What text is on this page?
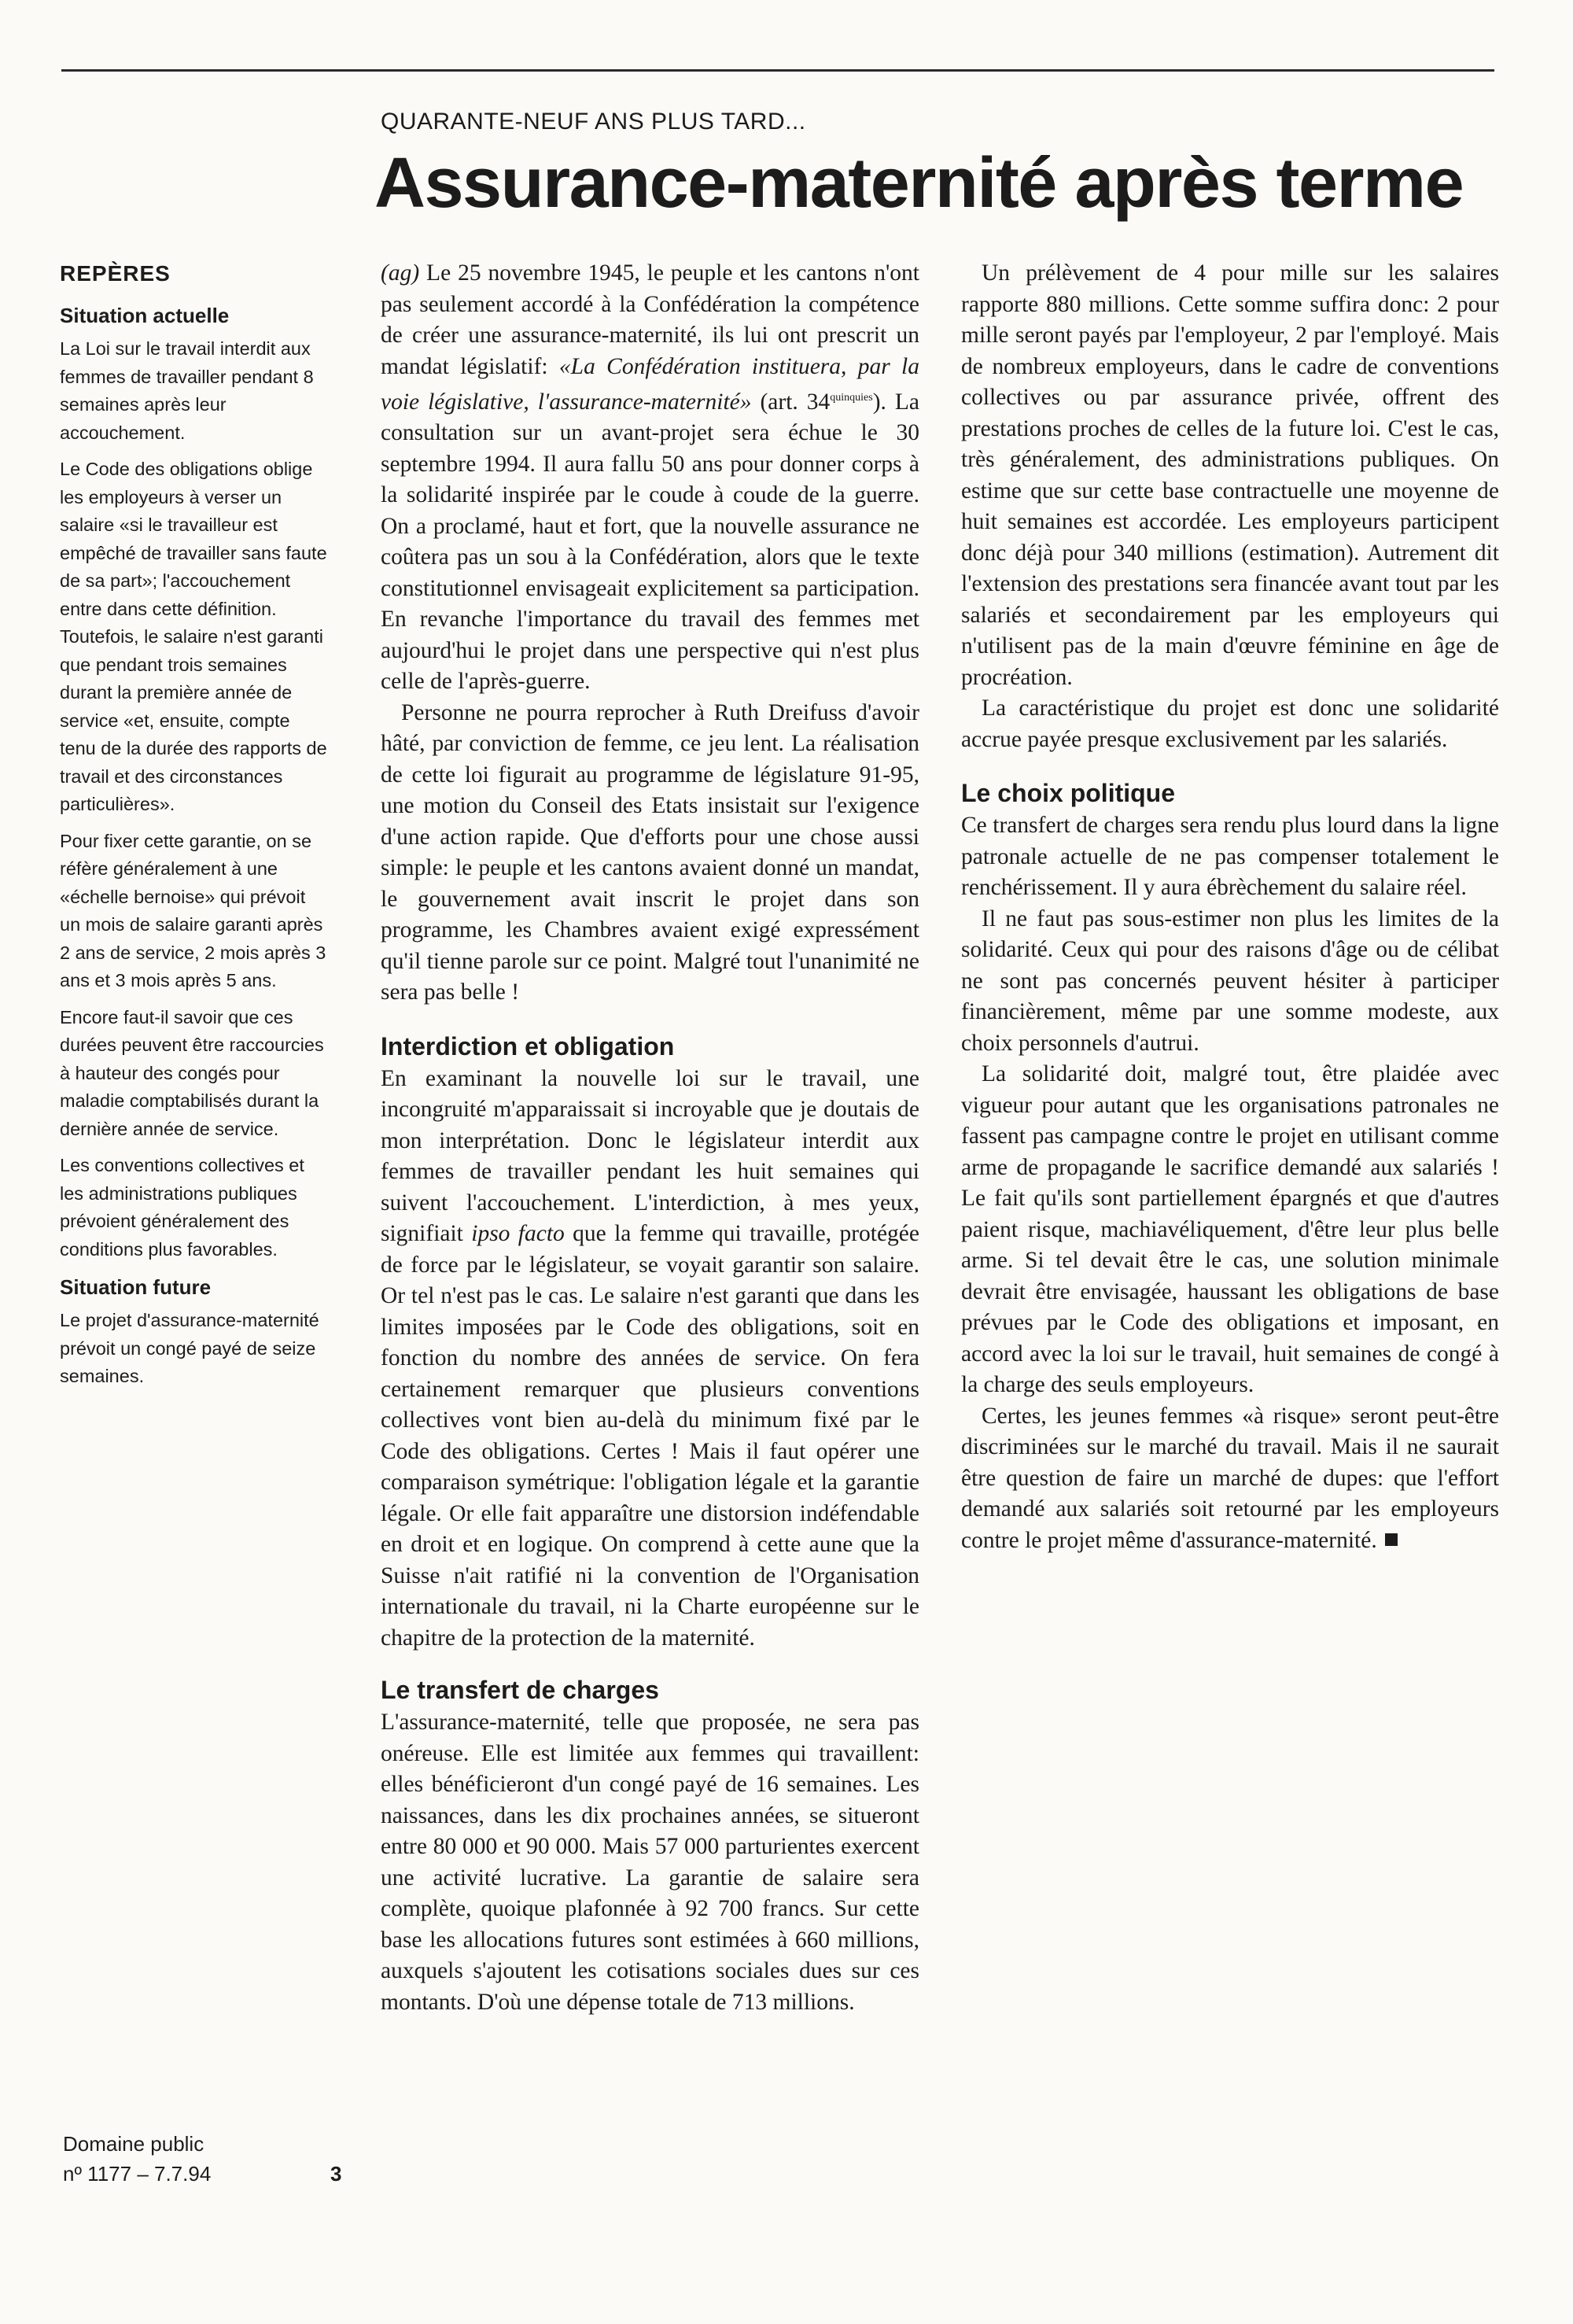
QUARANTE-NEUF ANS PLUS TARD...
Assurance-maternité après terme
REPÈRES
Situation actuelle

La Loi sur le travail interdit aux femmes de travailler pendant 8 semaines après leur accouchement.

Le Code des obligations oblige les employeurs à verser un salaire «si le travailleur est empêché de travailler sans faute de sa part»; l'accouchement entre dans cette définition. Toutefois, le salaire n'est garanti que pendant trois semaines durant la première année de service «et, ensuite, compte tenu de la durée des rapports de travail et des circonstances particulières».

Pour fixer cette garantie, on se réfère généralement à une «échelle bernoise» qui prévoit un mois de salaire garanti après 2 ans de service, 2 mois après 3 ans et 3 mois après 5 ans.

Encore faut-il savoir que ces durées peuvent être raccourcies à hauteur des congés pour maladie comptabilisés durant la dernière année de service.

Les conventions collectives et les administrations publiques prévoient généralement des conditions plus favorables.

Situation future

Le projet d'assurance-maternité prévoit un congé payé de seize semaines.

Domaine public
nº 1177 – 7.7.94	3

(ag) Le 25 novembre 1945, le peuple et les cantons n'ont pas seulement accordé à la Confédération la compétence de créer une assurance-maternité, ils lui ont prescrit un mandat législatif: «La Confédération instituera, par la voie législative, l'assurance-maternité» (art. $34^{quinquies}$). La consultation sur un avant-projet sera échue le 30 septembre 1994. Il aura fallu 50 ans pour donner corps à la solidarité inspirée par le coude à coude de la guerre. On a proclamé, haut et fort, que la nouvelle assurance ne coûtera pas un sou à la Confédération, alors que le texte constitutionnel envisageait explicitement sa participation. En revanche l'importance du travail des femmes met aujourd'hui le projet dans une perspective qui n'est plus celle de l'après-guerre.

Personne ne pourra reprocher à Ruth Dreifuss d'avoir hâté, par conviction de femme, ce jeu lent. La réalisation de cette loi figurait au programme de législature 91-95, une motion du Conseil des Etats insistait sur l'exigence d'une action rapide. Que d'efforts pour une chose aussi simple: le peuple et les cantons avaient donné un mandat, le gouvernement avait inscrit le projet dans son programme, les Chambres avaient exigé expressément qu'il tienne parole sur ce point. Malgré tout l'unanimité ne sera pas belle !

Interdiction et obligation

En examinant la nouvelle loi sur le travail, une incongruité m'apparaissait si incroyable que je doutais de mon interprétation. Donc le législateur interdit aux femmes de travailler pendant les huit semaines qui suivent l'accouchement. L'interdiction, à mes yeux, signifiait ipso facto que la femme qui travaille, protégée de force par le législateur, se voyait garantir son salaire. Or tel n'est pas le cas. Le salaire n'est garanti que dans les limites imposées par le Code des obligations, soit en fonction du nombre des années de service. On fera certainement remarquer que plusieurs conventions collectives vont bien au-delà du minimum fixé par le Code des obligations. Certes ! Mais il faut opérer une comparaison symétrique: l'obligation légale et la garantie légale. Or elle fait apparaître une distorsion indéfendable en droit et en logique. On comprend à cette aune que la Suisse n'ait ratifié ni la convention de l'Organisation internationale du travail, ni la Charte européenne sur le chapitre de la protection de la maternité.

Le transfert de charges

L'assurance-maternité, telle que proposée, ne sera pas onéreuse. Elle est limitée aux femmes qui travaillent: elles bénéficieront d'un congé payé de 16 semaines. Les naissances, dans les dix prochaines années, se situeront entre 80 000 et 90 000. Mais 57 000 parturientes exercent une activité lucrative. La garantie de salaire sera complète, quoique plafonnée à 92 700 francs. Sur cette base les allocations futures sont estimées à 660 millions, auxquels s'ajoutent les cotisations sociales dues sur ces montants. D'où une dépense totale de 713 millions.

Un prélèvement de 4 pour mille sur les salaires rapporte 880 millions. Cette somme suffira donc: 2 pour mille seront payés par l'employeur, 2 par l'employé. Mais de nombreux employeurs, dans le cadre de conventions collectives ou par assurance privée, offrent des prestations proches de celles de la future loi. C'est le cas, très généralement, des administrations publiques. On estime que sur cette base contractuelle une moyenne de huit semaines est accordée. Les employeurs participent donc déjà pour 340 millions (estimation). Autrement dit l'extension des prestations sera financée avant tout par les salariés et secondairement par les employeurs qui n'utilisent pas de la main d'œuvre féminine en âge de procréation.

La caractéristique du projet est donc une solidarité accrue payée presque exclusivement par les salariés.

Le choix politique

Ce transfert de charges sera rendu plus lourd dans la ligne patronale actuelle de ne pas compenser totalement le renchérissement. Il y aura ébrèchement du salaire réel.

Il ne faut pas sous-estimer non plus les limites de la solidarité. Ceux qui pour des raisons d'âge ou de célibat ne sont pas concernés peuvent hésiter à participer financièrement, même par une somme modeste, aux choix personnels d'autrui.

La solidarité doit, malgré tout, être plaidée avec vigueur pour autant que les organisations patronales ne fassent pas campagne contre le projet en utilisant comme arme de propagande le sacrifice demandé aux salariés ! Le fait qu'ils sont partiellement épargnés et que d'autres paient risque, machiavéliquement, d'être leur plus belle arme. Si tel devait être le cas, une solution minimale devrait être envisagée, haussant les obligations de base prévues par le Code des obligations et imposant, en accord avec la loi sur le travail, huit semaines de congé à la charge des seuls employeurs.

Certes, les jeunes femmes «à risque» seront peut-être discriminées sur le marché du travail. Mais il ne saurait être question de faire un marché de dupes: que l'effort demandé aux salariés soit retourné par les employeurs contre le projet même d'assurance-maternité.
